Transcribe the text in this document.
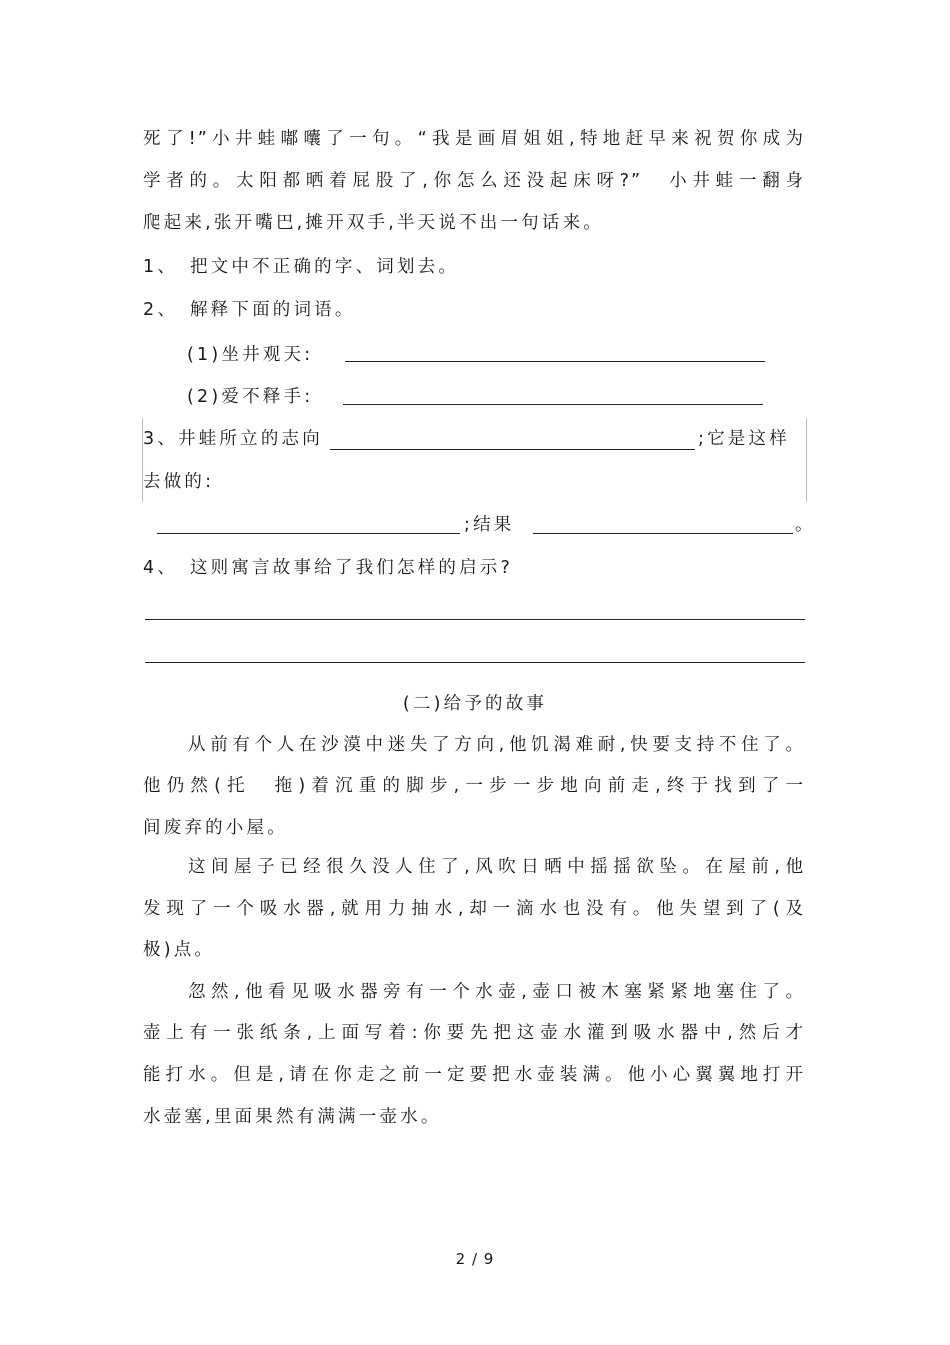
死了!”小井蛙嘟囔了一句。“我是画眉姐姐,特地赶早来祝贺你成为
学者的。太阳都晒着屁股了,你怎么还没起床呀?”　小井蛙一翻身
爬起来,张开嘴巴,摊开双手,半天说不出一句话来。
1、　把文中不正确的字、词划去。
2、　解释下面的词语。
(1)坐井观天:
(2)爱不释手:
3、井蛙所立的志向	;它是这样
去做的:
;结果	。
4、　这则寓言故事给了我们怎样的启示?
(二)给予的故事
从前有个人在沙漠中迷失了方向,他饥渴难耐,快要支持不住了。
他仍然(托　拖)着沉重的脚步,一步一步地向前走,终于找到了一
间废弃的小屋。
这间屋子已经很久没人住了,风吹日晒中摇摇欲坠。在屋前,他
发现了一个吸水器,就用力抽水,却一滴水也没有。他失望到了(及
极)点。
忽然,他看见吸水器旁有一个水壶,壶口被木塞紧紧地塞住了。
壶上有一张纸条,上面写着:你要先把这壶水灌到吸水器中,然后才
能打水。但是,请在你走之前一定要把水壶装满。他小心翼翼地打开
水壶塞,里面果然有满满一壶水。
2 / 9
